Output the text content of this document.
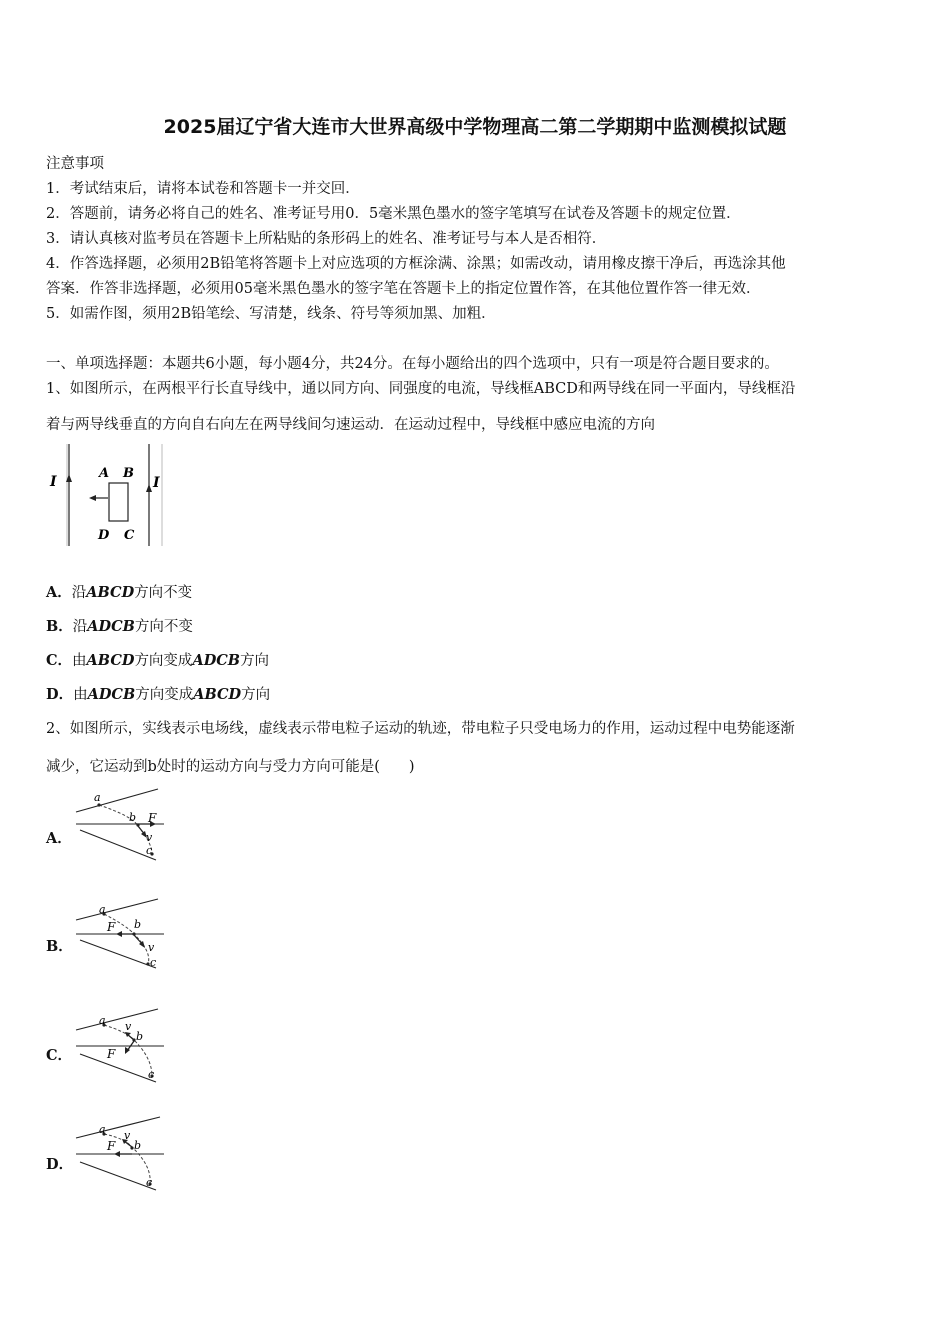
2025届辽宁省大连市大世界高级中学物理高二第二学期期中监测模拟试题
注意事项
1．考试结束后，请将本试卷和答题卡一并交回．
2．答题前，请务必将自己的姓名、准考证号用0．5毫米黑色墨水的签字笔填写在试卷及答题卡的规定位置．
3．请认真核对监考员在答题卡上所粘贴的条形码上的姓名、准考证号与本人是否相符．
4．作答选择题，必须用2B铅笔将答题卡上对应选项的方框涂满、涂黑；如需改动，请用橡皮擦干净后，再选涂其他
答案．作答非选择题，必须用05毫米黑色墨水的签字笔在答题卡上的指定位置作答，在其他位置作答一律无效．
5．如需作图，须用2B铅笔绘、写清楚，线条、符号等须加黑、加粗．
一、单项选择题：本题共6小题，每小题4分，共24分。在每小题给出的四个选项中，只有一项是符合题目要求的。
1、如图所示，在两根平行长直导线中，通以同方向、同强度的电流，导线框ABCD和两导线在同一平面内，导线框沿
着与两导线垂直的方向自右向左在两导线间匀速运动．在运动过程中，导线框中感应电流的方向
I	I
A B
D C
A．沿ABCD方向不变
B．沿ADCB方向不变
C．由ABCD方向变成ADCB方向
D．由ADCB方向变成ABCD方向
2、如图所示，实线表示电场线，虚线表示带电粒子运动的轨迹，带电粒子只受电场力的作用，运动过程中电势能逐渐
减少，它运动到b处时的运动方向与受力方向可能是(　　)
A．
a
b F
v
c
B．
a
b
F
v
c
C．
a v
b
F
c
D．
a v
b
F
c
